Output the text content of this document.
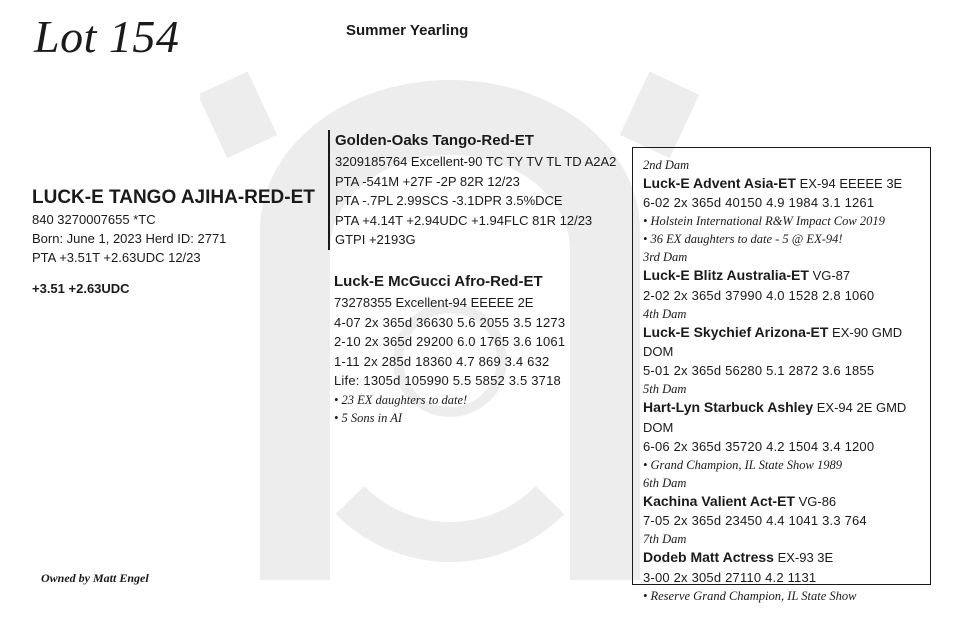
Lot 154	Summer Yearling
LUCK-E TANGO AJIHA-RED-ET
840 3270007655 *TC
Born: June 1, 2023 Herd ID: 2771
PTA +3.51T +2.63UDC 12/23
+3.51 +2.63UDC
Owned by Matt Engel
Golden-Oaks Tango-Red-ET
3209185764 Excellent-90 TC TY TV TL TD A2A2
PTA -541M +27F -2P 82R 12/23
PTA -.7PL 2.99SCS -3.1DPR 3.5%DCE
PTA +4.14T +2.94UDC +1.94FLC 81R 12/23
GTPI +2193G
Luck-E McGucci Afro-Red-ET
73278355 Excellent-94 EEEEE 2E
4-07 2x 365d 36630 5.6 2055 3.5 1273
2-10 2x 365d 29200 6.0 1765 3.6 1061
1-11 2x 285d 18360 4.7 869 3.4 632
Life: 1305d 105990 5.5 5852 3.5 3718
• 23 EX daughters to date!
• 5 Sons in AI
2nd Dam
Luck-E Advent Asia-ET EX-94 EEEEE 3E
6-02 2x 365d 40150 4.9 1984 3.1 1261
• Holstein International R&W Impact Cow 2019
• 36 EX daughters to date - 5 @ EX-94!
3rd Dam
Luck-E Blitz Australia-ET VG-87
2-02 2x 365d 37990 4.0 1528 2.8 1060
4th Dam
Luck-E Skychief Arizona-ET EX-90 GMD DOM
5-01 2x 365d 56280 5.1 2872 3.6 1855
5th Dam
Hart-Lyn Starbuck Ashley EX-94 2E GMD DOM
6-06 2x 365d 35720 4.2 1504 3.4 1200
• Grand Champion, IL State Show 1989
6th Dam
Kachina Valient Act-ET VG-86
7-05 2x 365d 23450 4.4 1041 3.3 764
7th Dam
Dodeb Matt Actress EX-93 3E
3-00 2x 305d 27110 4.2 1131
• Reserve Grand Champion, IL State Show
